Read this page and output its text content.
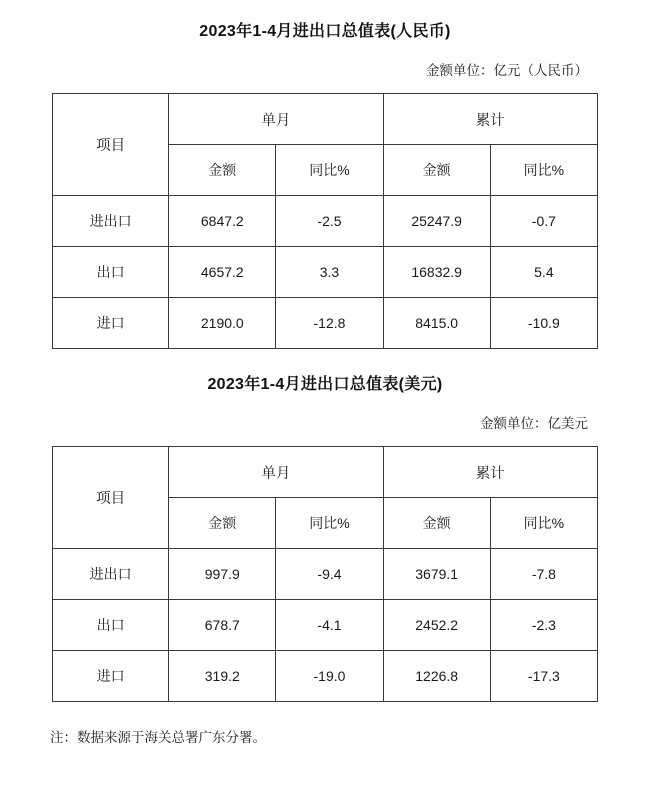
2023年1-4月进出口总值表(人民币)
金额单位：亿元（人民币）
项目	单月		累计	
	金额	同比%	金额	同比%
进出口	6847.2	-2.5	25247.9	-0.7
出口	4657.2	3.3	16832.9	5.4
进口	2190.0	-12.8	8415.0	-10.9
2023年1-4月进出口总值表(美元)
金额单位：亿美元
项目	单月		累计	
	金额	同比%	金额	同比%
进出口	997.9	-9.4	3679.1	-7.8
出口	678.7	-4.1	2452.2	-2.3
进口	319.2	-19.0	1226.8	-17.3
注：数据来源于海关总署广东分署。
